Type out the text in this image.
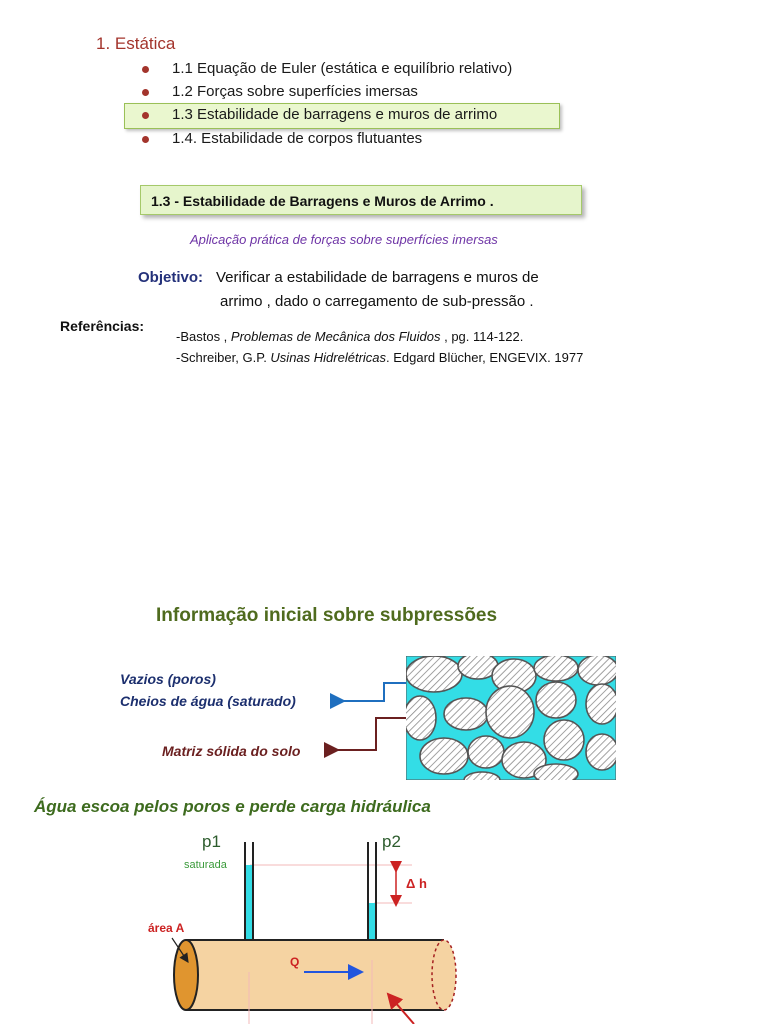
1. Estática
1.1 Equação de Euler (estática e equilíbrio relativo)
1.2 Forças sobre superfícies imersas
1.3 Estabilidade de barragens e muros de arrimo
1.4. Estabilidade de corpos flutuantes
1.3 - Estabilidade de Barragens e Muros de Arrimo .
Aplicação prática de forças sobre superfícies imersas
Objetivo: Verificar a estabilidade de barragens e muros de
arrimo , dado o carregamento de sub-pressão .
Referências:
-Bastos , Problemas de Mecânica dos Fluidos , pg. 114-122.
-Schreiber, G.P. Usinas Hidrelétricas. Edgard Blücher, ENGEVIX. 1977
Informação inicial sobre subpressões
Vazios (poros)
Cheios de água (saturado)
Matriz sólida do solo
Água escoa pelos poros e perde carga hidráulica
Q
Δ h
p1	p2
saturada
área A
